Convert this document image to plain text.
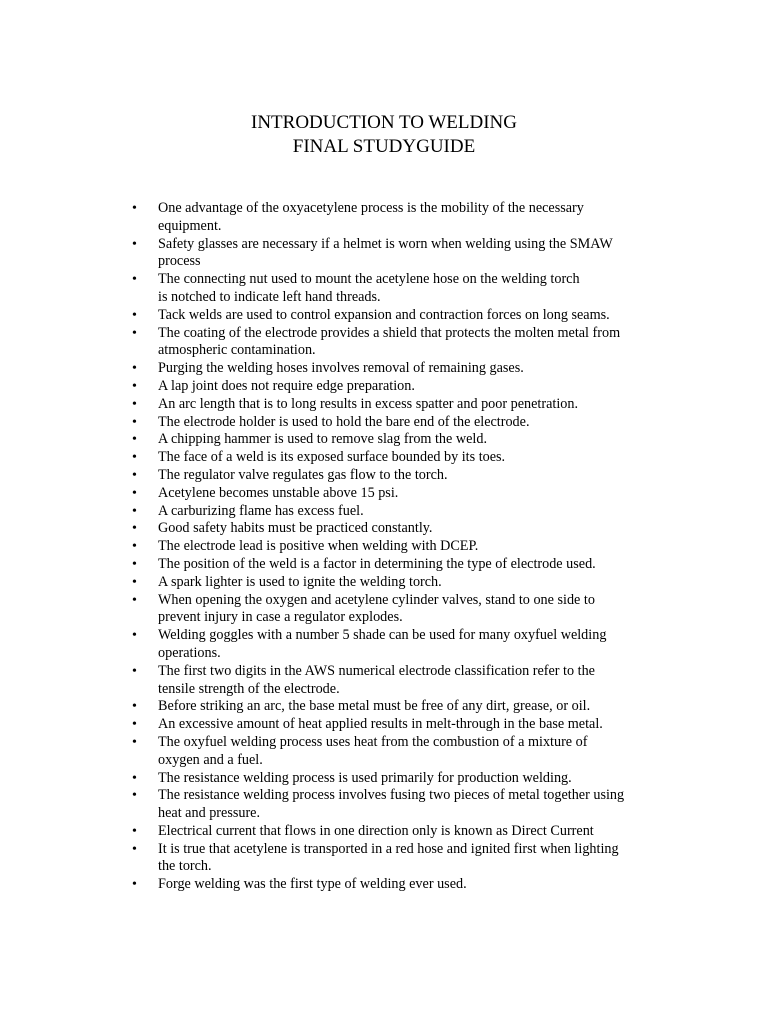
INTRODUCTION TO WELDING
FINAL STUDYGUIDE
• One advantage of the oxyacetylene process is the mobility of the necessary
equipment.
• Safety glasses are necessary if a helmet is worn when welding using the SMAW
process
• The connecting nut used to mount the acetylene hose on the welding torch
is notched to indicate left hand threads.
• Tack welds are used to control expansion and contraction forces on long seams.
• The coating of the electrode provides a shield that protects the molten metal from
atmospheric contamination.
• Purging the welding hoses involves removal of remaining gases.
• A lap joint does not require edge preparation.
• An arc length that is to long results in excess spatter and poor penetration.
• The electrode holder is used to hold the bare end of the electrode.
• A chipping hammer is used to remove slag from the weld.
• The face of a weld is its exposed surface bounded by its toes.
• The regulator valve regulates gas flow to the torch.
• Acetylene becomes unstable above 15 psi.
• A carburizing flame has excess fuel.
• Good safety habits must be practiced constantly.
• The electrode lead is positive when welding with DCEP.
• The position of the weld is a factor in determining the type of electrode used.
• A spark lighter is used to ignite the welding torch.
• When opening the oxygen and acetylene cylinder valves, stand to one side to
prevent injury in case a regulator explodes.
• Welding goggles with a number 5 shade can be used for many oxyfuel welding
operations.
• The first two digits in the AWS numerical electrode classification refer to the
tensile strength of the electrode.
• Before striking an arc, the base metal must be free of any dirt, grease, or oil.
• An excessive amount of heat applied results in melt-through in the base metal.
• The oxyfuel welding process uses heat from the combustion of a mixture of
oxygen and a fuel.
• The resistance welding process is used primarily for production welding.
• The resistance welding process involves fusing two pieces of metal together using
heat and pressure.
• Electrical current that flows in one direction only is known as Direct Current
• It is true that acetylene is transported in a red hose and ignited first when lighting
the torch.
• Forge welding was the first type of welding ever used.
